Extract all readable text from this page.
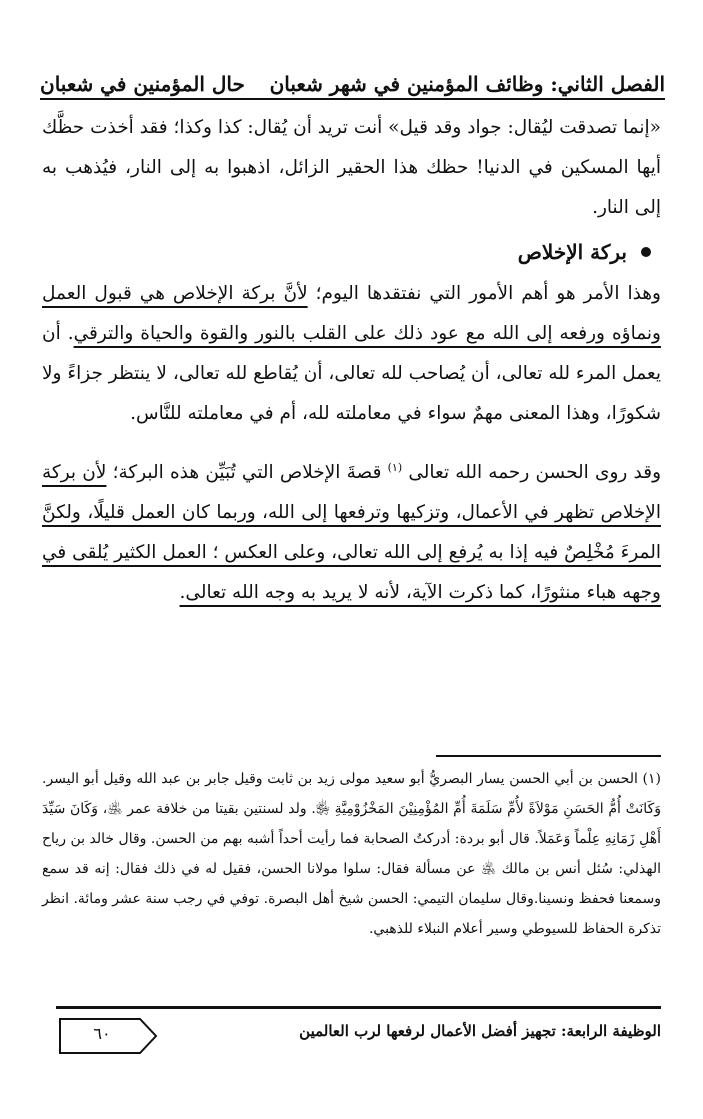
الفصل الثاني: وظائف المؤمنين في شهر شعبان
حال المؤمنين في شعبان

«إنما تصدقت ليُقال: جواد وقد قيل» أنت تريد أن يُقال: كذا وكذا؛ فقد أخذت حظَّك أيها المسكين في الدنيا! حظك هذا الحقير الزائل، اذهبوا به إلى النار، فيُذهب به إلى النار.

بركة الإخلاص

وهذا الأمر هو أهم الأمور التي نفتقدها اليوم؛ لأنَّ بركة الإخلاص هي قبول العمل ونماؤه ورفعه إلى الله مع عود ذلك على القلب بالنور والقوة والحياة والترقي. أن يعمل المرء لله تعالى، أن يُصاحب لله تعالى، أن يُقاطع لله تعالى، لا ينتظر جزاءً ولا شكورًا، وهذا المعنى مهمٌ سواء في معاملته لله، أم في معاملته للنَّاس.

وقد روى الحسن رحمه الله تعالى $^{(١)}$ قصةَ الإخلاص التي تُبَيِّن هذه البركة؛ لأن بركة الإخلاص تظهر في الأعمال، وتزكيها وترفعها إلى الله، وربما كان العمل قليلًا، ولكنَّ المرءَ مُخْلِصٌ فيه إذا به يُرفع إلى الله تعالى، وعلى العكس ؛ العمل الكثير يُلقى في وجهه هباء منثورًا، كما ذكرت الآية، لأنه لا يريد به وجه الله تعالى.

(١) الحسن بن أبي الحسن يسار البصريُّ أبو سعيد مولى زيد بن ثابت وقيل جابر بن عبد الله وقيل أبو اليسر. وَكَانَتْ أُمُّ الحَسَنِ مَوْلاَةً لأُمِّ سَلَمَةَ أُمِّ المُؤْمِنِيْنَ المَخْزُوْمِيَّةِ ﵂. ولد لسنتين بقيتا من خلافة عمر ﵁، وَكَانَ سَيِّدَ أَهْلِ زَمَانِهِ عِلْماً وَعَمَلاً. قال أبو بردة: أدركتُ الصحابة فما رأيت أحداً أشبه بهم من الحسن. وقال خالد بن رياح الهذلي: سُئل أنس بن مالك ﵁ عن مسألة فقال: سلوا مولانا الحسن، فقيل له في ذلك فقال: إنه قد سمع وسمعنا فحفظ ونسينا.وقال سليمان التيمي: الحسن شيخ أهل البصرة. توفي في رجب سنة عشر ومائة. انظر تذكرة الحفاظ للسيوطي وسير أعلام النبلاء للذهبي.
الوظيفة الرابعة: تجهيز أفضل الأعمال لرفعها لرب العالمين
٦٠
